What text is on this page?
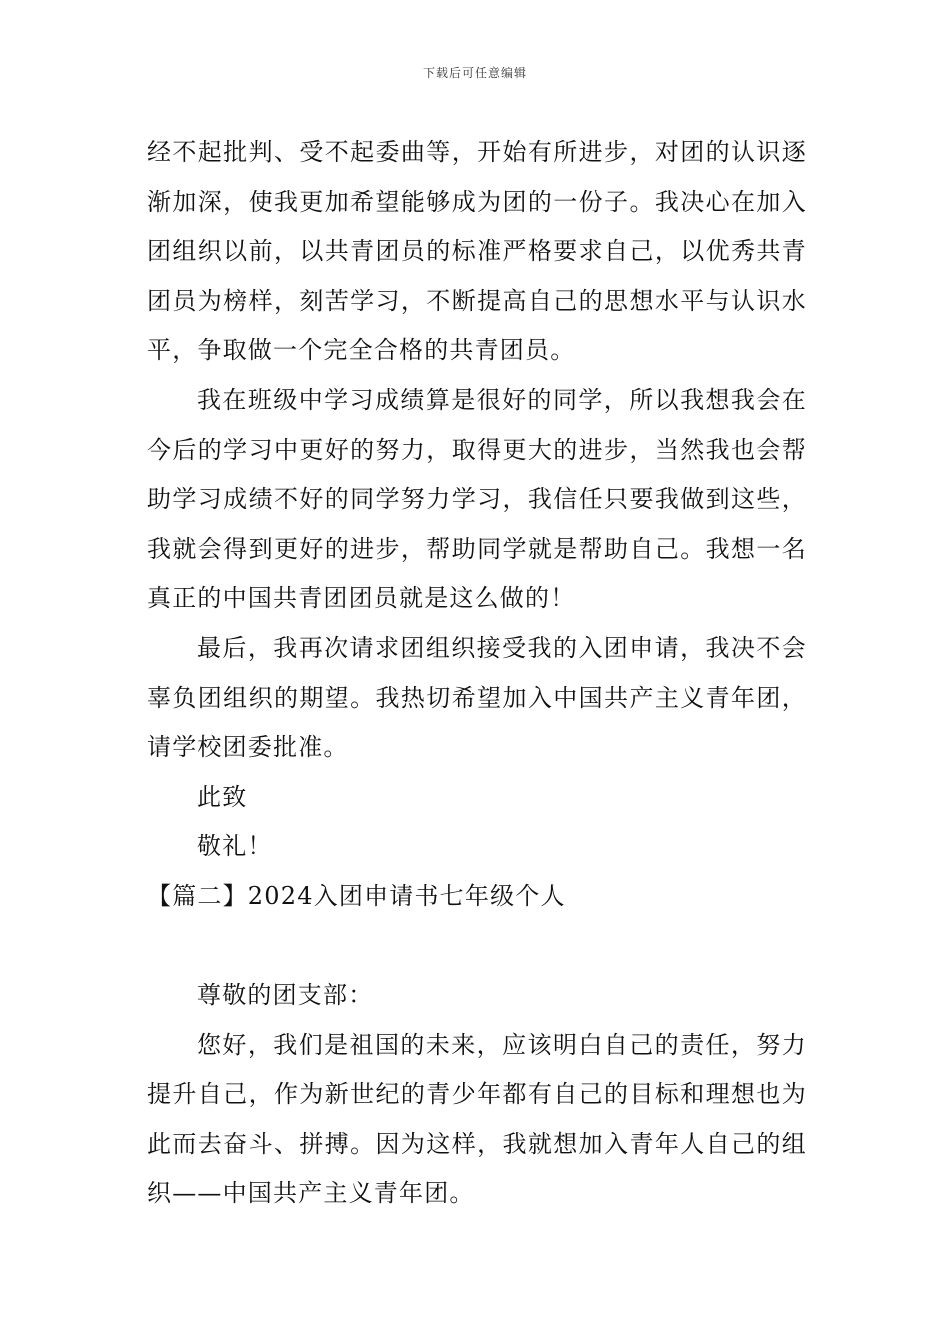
下载后可任意编辑

经不起批判、受不起委曲等，开始有所进步，对团的认识逐渐加深，使我更加希望能够成为团的一份子。我决心在加入团组织以前，以共青团员的标准严格要求自己，以优秀共青团员为榜样，刻苦学习，不断提高自己的思想水平与认识水平，争取做一个完全合格的共青团员。

我在班级中学习成绩算是很好的同学，所以我想我会在今后的学习中更好的努力，取得更大的进步，当然我也会帮助学习成绩不好的同学努力学习，我信任只要我做到这些，我就会得到更好的进步，帮助同学就是帮助自己。我想一名真正的中国共青团团员就是这么做的！

最后，我再次请求团组织接受我的入团申请，我决不会辜负团组织的期望。我热切希望加入中国共产主义青年团，请学校团委批准。

此致

敬礼！

【篇二】2024入团申请书七年级个人

尊敬的团支部：

您好，我们是祖国的未来，应该明白自己的责任，努力提升自己，作为新世纪的青少年都有自己的目标和理想也为此而去奋斗、拼搏。因为这样，我就想加入青年人自己的组织——中国共产主义青年团。
